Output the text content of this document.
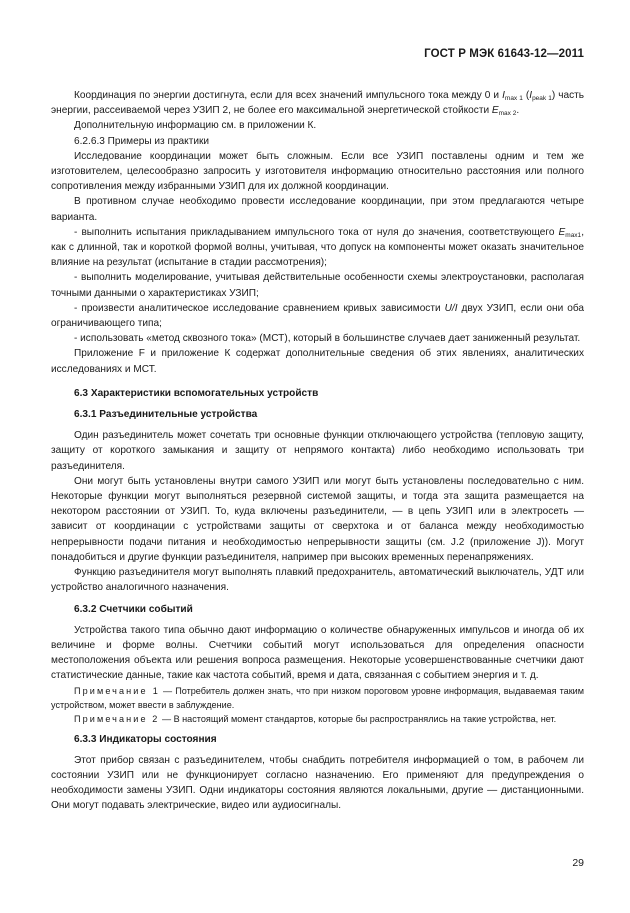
ГОСТ Р МЭК 61643-12—2011

Координация по энергии достигнута, если для всех значений импульсного тока между 0 и $I_{max 1}$ $(I_{peak 1})$ часть энергии, рассеиваемой через УЗИП 2, не более его максимальной энергетической стойкости $E_{max 2}$.

Дополнительную информацию см. в приложении К.

6.2.6.3 Примеры из практики

Исследование координации может быть сложным. Если все УЗИП поставлены одним и тем же изготовителем, целесообразно запросить у изготовителя информацию относительно расстояния или полного сопротивления между избранными УЗИП для их должной координации.

В противном случае необходимо провести исследование координации, при этом предлагаются четыре варианта.

- выполнить испытания прикладыванием импульсного тока от нуля до значения, соответствующего $E_{max1}$, как с длинной, так и короткой формой волны, учитывая, что допуск на компоненты может оказать значительное влияние на результат (испытание в стадии рассмотрения);

- выполнить моделирование, учитывая действительные особенности схемы электроустановки, располагая точными данными о характеристиках УЗИП;

- произвести аналитическое исследование сравнением кривых зависимости U/I двух УЗИП, если они оба ограничивающего типа;

- использовать «метод сквозного тока» (МСТ), который в большинстве случаев дает заниженный результат.

Приложение F и приложение К содержат дополнительные сведения об этих явлениях, аналитических исследованиях и МСТ.

6.3 Характеристики вспомогательных устройств

6.3.1 Разъединительные устройства

Один разъединитель может сочетать три основные функции отключающего устройства (тепловую защиту, защиту от короткого замыкания и защиту от непрямого контакта) либо необходимо использовать три разъединителя.

Они могут быть установлены внутри самого УЗИП или могут быть установлены последовательно с ним. Некоторые функции могут выполняться резервной системой защиты, и тогда эта защита размещается на некотором расстоянии от УЗИП. То, куда включены разъединители, — в цепь УЗИП или в электросеть — зависит от координации с устройствами защиты от сверхтока и от баланса между необходимостью непрерывности подачи питания и необходимостью непрерывности защиты (см. J.2 (приложение J)). Могут понадобиться и другие функции разъединителя, например при высоких временных перенапряжениях.

Функцию разъединителя могут выполнять плавкий предохранитель, автоматический выключатель, УДТ или устройство аналогичного назначения.

6.3.2 Счетчики событий

Устройства такого типа обычно дают информацию о количестве обнаруженных импульсов и иногда об их величине и форме волны. Счетчики событий могут использоваться для определения опасности местоположения объекта или решения вопроса размещения. Некоторые усовершенствованные счетчики дают статистические данные, такие как частота событий, время и дата, связанная с событием энергия и т. д.

Примечание 1 — Потребитель должен знать, что при низком пороговом уровне информация, выдаваемая таким устройством, может ввести в заблуждение.

Примечание 2 — В настоящий момент стандартов, которые бы распространялись на такие устройства, нет.

6.3.3 Индикаторы состояния

Этот прибор связан с разъединителем, чтобы снабдить потребителя информацией о том, в рабочем ли состоянии УЗИП или не функционирует согласно назначению. Его применяют для предупреждения о необходимости замены УЗИП. Одни индикаторы состояния являются локальными, другие — дистанционными. Они могут подавать электрические, видео или аудиосигналы.

29
